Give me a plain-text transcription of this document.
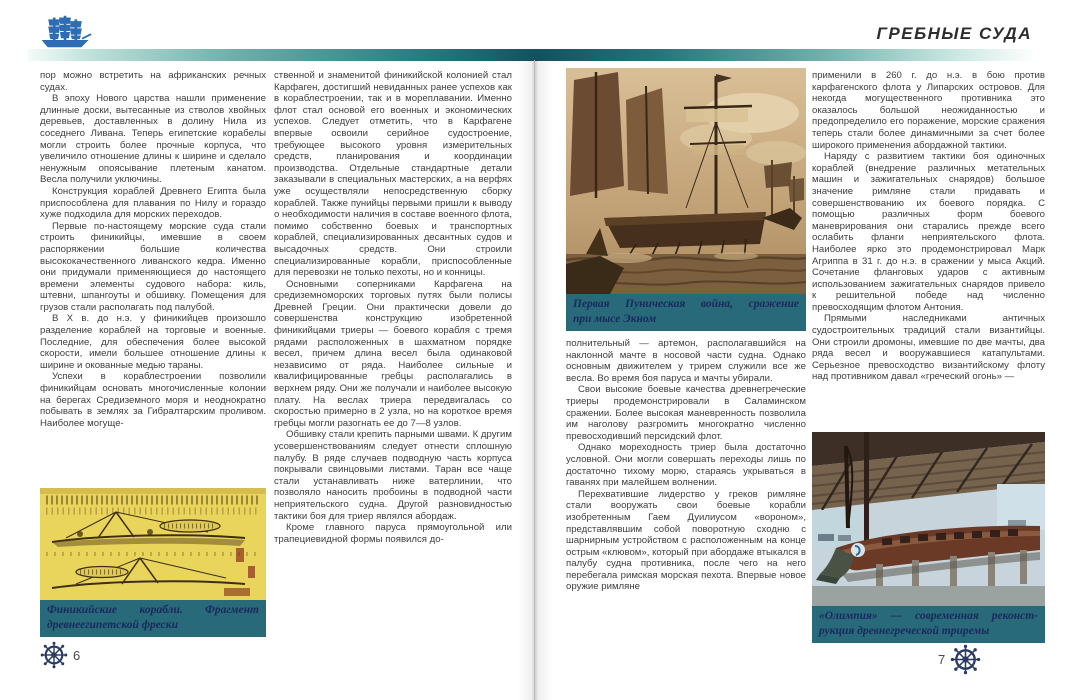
ГРЕБНЫЕ СУДА

пор можно встретить на африканских речных судах.

В эпоху Нового царства нашли применение длинные доски, вытесанные из стволов хвойных деревьев, доставленных в долину Нила из соседнего Ливана. Теперь египетские корабелы могли строить более прочные корпуса, что увеличило отношение длины к ширине и сделало ненужным опоясывание плетеным канатом. Весла получили уключины.

Конструкция кораблей Древнего Египта была приспособлена для плавания по Нилу и гораздо хуже подходила для морских переходов.

Первые по-настоящему морские суда стали строить финикийцы, имевшие в своем распоряжении большие количества высококачественного ливанского кедра. Именно они придумали применяющиеся до настоящего времени элементы судового набора: киль, штевни, шпангоуты и обшивку. Помещения для грузов стали располагать под палубой.

В X в. до н.э. у финикийцев произошло разделение кораблей на торговые и военные. Последние, для обеспечения более высокой скорости, имели большее отношение длины к ширине и окованные медью тараны.

Успехи в кораблестроении позволили финикийцам основать многочисленные колонии на берегах Средиземного моря и неоднократно побывать в землях за Гибралтарским проливом. Наиболее могуще-

Финикийские корабли. Фрагмент
древнеегипетской фрески
6

ственной и знаменитой финикийской колонией стал Карфаген, достигший невиданных ранее успехов как в кораблестроении, так и в мореплавании. Именно флот стал основой его военных и экономических успехов. Следует отметить, что в Карфагене впервые освоили серийное судостроение, требующее высокого уровня измерительных средств, планирования и координации производства. Отдельные стандартные детали заказывали в специальных мастерских, а на верфях уже осуществляли непосредственную сборку кораблей. Также пунийцы первыми пришли к выводу о необходимости наличия в составе военного флота, помимо собственно боевых и транспортных кораблей, специализированных десантных судов и высадочных средств. Они строили специализированные корабли, приспособленные для перевозки не только пехоты, но и конницы.

Основными соперниками Карфагена на средиземноморских торговых путях были полисы Древней Греции. Они практически довели до совершенства конструкцию изобретенной финикийцами триеры — боевого корабля с тремя рядами расположенных в шахматном порядке весел, причем длина весел была одинаковой независимо от ряда. Наиболее сильные и квалифицированные гребцы располагались в верхнем ряду. Они же получали и наиболее высокую плату. На веслах триера передвигалась со скоростью примерно в 2 узла, но на короткое время гребцы могли разогнать ее до 7—8 узлов.

Обшивку стали крепить парными швами. К другим усовершенствованиям следует отнести сплошную палубу. В ряде случаев подводную часть корпуса покрывали свинцовыми листами. Таран все чаще стали устанавливать ниже ватерлинии, что позволяло наносить пробоины в подводной части неприятельского судна. Другой разновидностью тактики боя для триер являлся абордаж.

Кроме главного паруса прямоугольной или трапециевидной формы появился до-

Первая Пуническая война, сражение
при мысе Экном

полнительный — артемон, располагавшийся на наклонной мачте в носовой части судна. Однако основным движителем у трирем служили все же весла. Во время боя паруса и мачты убирали.

Свои высокие боевые качества древнегреческие триеры продемонстрировали в Саламинском сражении. Более высокая маневренность позволила им наголову разгромить многократно численно превосходивший персидский флот.

Однако мореходность триер была достаточно условной. Они могли совершать переходы лишь по достаточно тихому морю, стараясь укрываться в гаванях при малейшем волнении.

Перехватившие лидерство у греков римляне стали вооружать свои боевые корабли изобретенным Гаем Дуилиусом «вороном», представлявшим собой поворотную сходню с шарнирным устройством с расположенным на конце острым «клювом», который при абордаже втыкался в палубу судна противника, после чего на него перебегала римская морская пехота. Впервые новое оружие римляне

применили в 260 г. до н.э. в бою против карфагенского флота у Липарских островов. Для некогда могущественного противника это оказалось большой неожиданностью и предопределило его поражение, морские сражения теперь стали более динамичными за счет более широкого применения абордажной тактики.

Наряду с развитием тактики боя одиночных кораблей (внедрение различных метательных машин и зажигательных снарядов) большое значение римляне стали придавать и совершенствованию их боевого порядка. С помощью различных форм боевого маневрирования они старались прежде всего ослабить фланги неприятельского флота. Наиболее ярко это продемонстрировал Марк Агриппа в 31 г. до н.э. в сражении у мыса Акций. Сочетание фланговых ударов с активным использованием зажигательных снарядов привело к решительной победе над численно превосходящим флотом Антония.

Прямыми наследниками античных судостроительных традиций стали византийцы. Они строили дромоны, имевшие по две мачты, два ряда весел и вооружавшиеся катапультами. Серьезное превосходство византийскому флоту над противником давал «греческий огонь» —

«Олимпия» — современная реконст-
рукция древнегреческой триремы
7
